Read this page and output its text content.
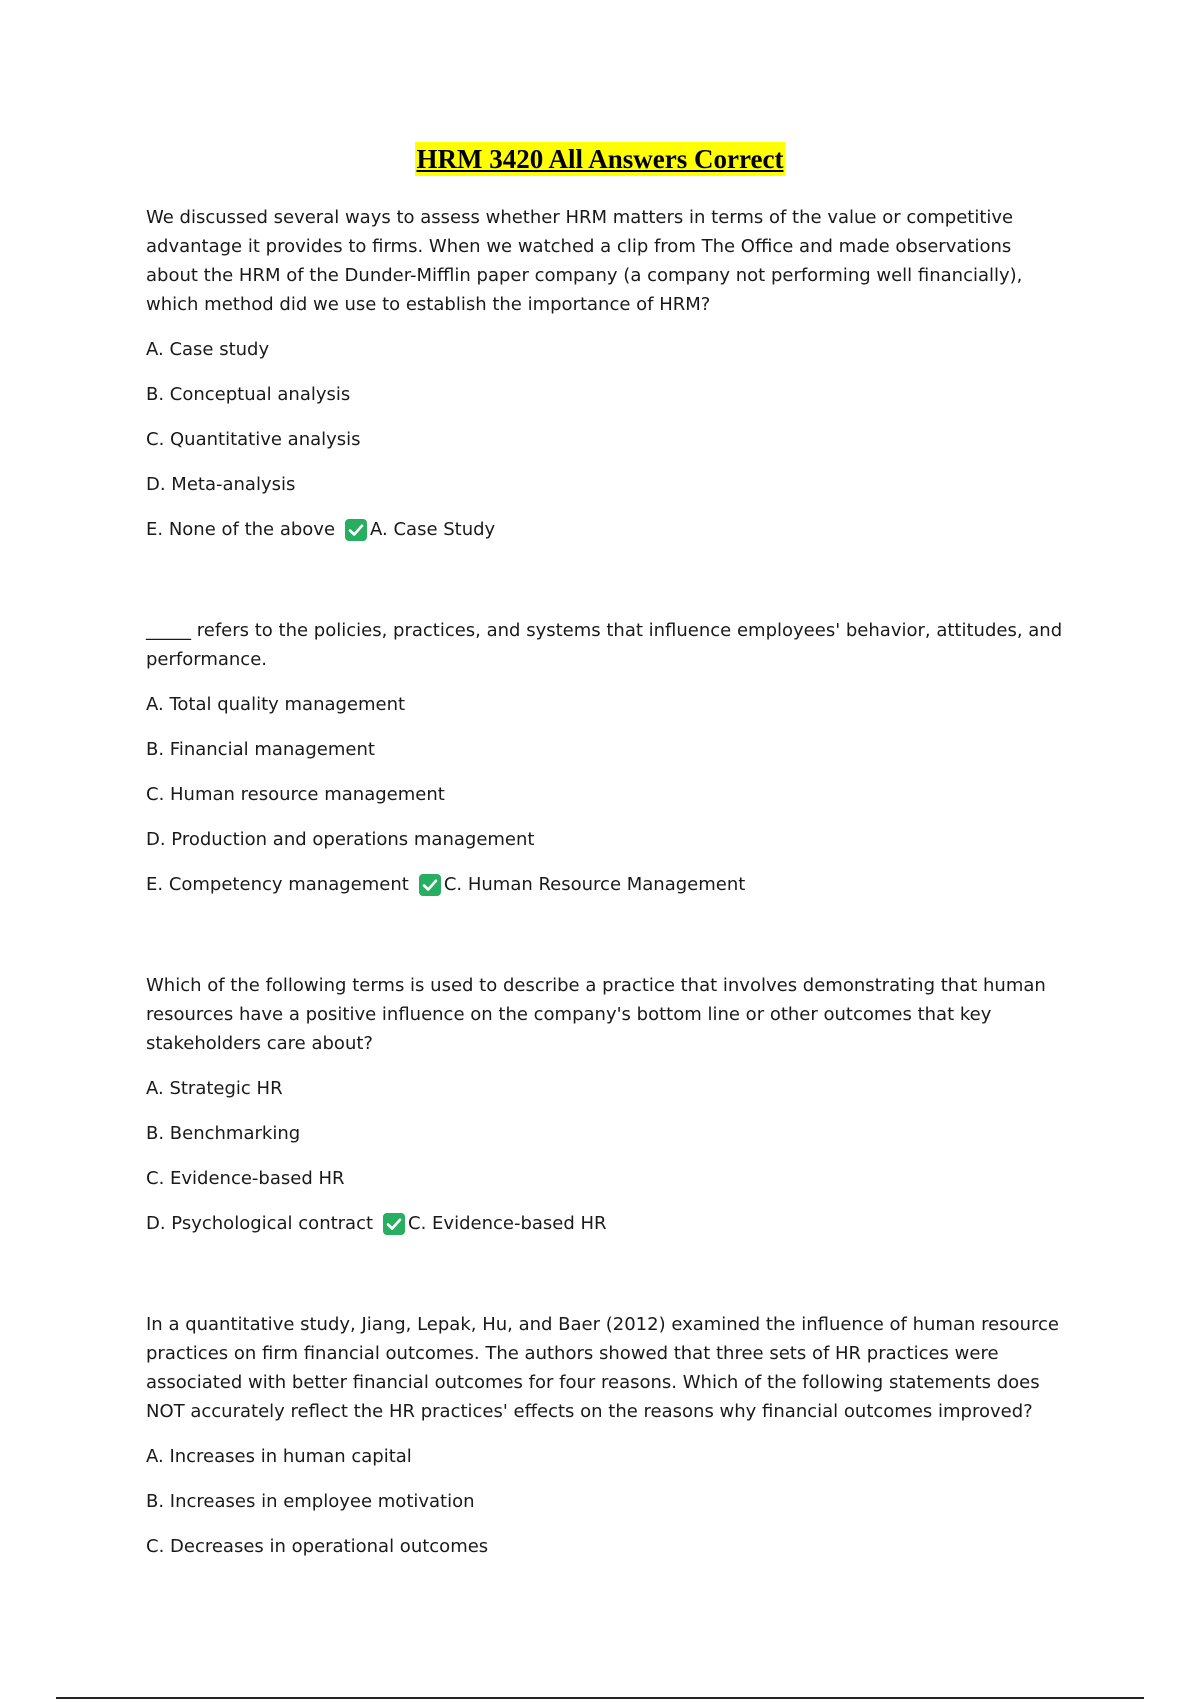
HRM 3420 All Answers Correct

We discussed several ways to assess whether HRM matters in terms of the value or competitive advantage it provides to firms. When we watched a clip from The Office and made observations about the HRM of the Dunder-Mifflin paper company (a company not performing well financially), which method did we use to establish the importance of HRM?

A. Case study
B. Conceptual analysis
C. Quantitative analysis
D. Meta-analysis
E. None of the above A. Case Study

_____ refers to the policies, practices, and systems that influence employees' behavior, attitudes, and performance.

A. Total quality management
B. Financial management
C. Human resource management
D. Production and operations management
E. Competency management C. Human Resource Management

Which of the following terms is used to describe a practice that involves demonstrating that human resources have a positive influence on the company's bottom line or other outcomes that key stakeholders care about?

A. Strategic HR
B. Benchmarking
C. Evidence-based HR
D. Psychological contract C. Evidence-based HR

In a quantitative study, Jiang, Lepak, Hu, and Baer (2012) examined the influence of human resource practices on firm financial outcomes. The authors showed that three sets of HR practices were associated with better financial outcomes for four reasons. Which of the following statements does NOT accurately reflect the HR practices' effects on the reasons why financial outcomes improved?

A. Increases in human capital
B. Increases in employee motivation
C. Decreases in operational outcomes
